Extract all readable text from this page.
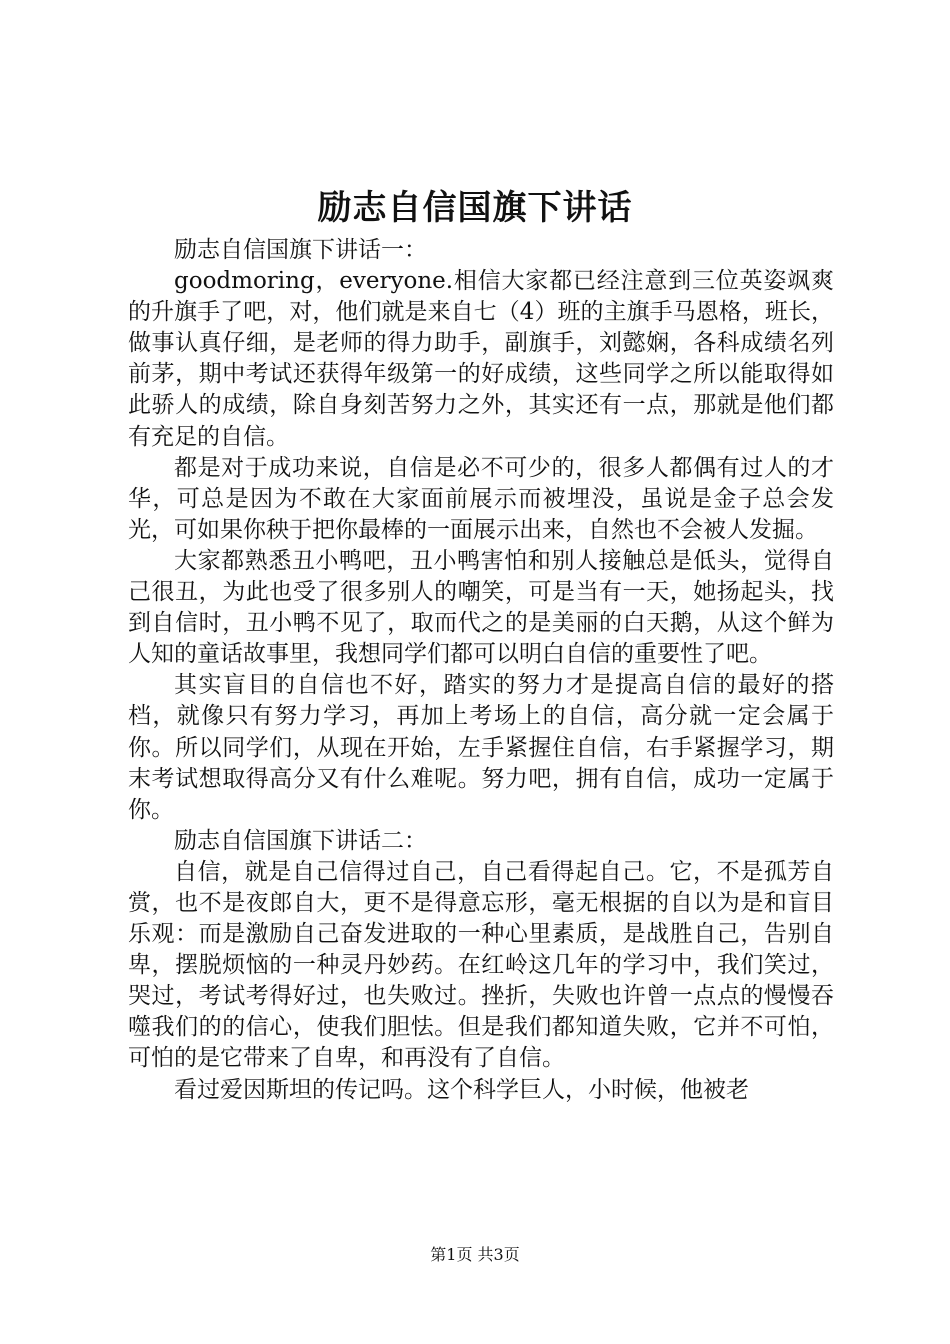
励志自信国旗下讲话

励志自信国旗下讲话一：

goodmoring，everyone.相信大家都已经注意到三位英姿飒爽的升旗手了吧，对，他们就是来自七（4）班的主旗手马恩格，班长，做事认真仔细，是老师的得力助手，副旗手，刘懿娴，各科成绩名列前茅，期中考试还获得年级第一的好成绩，这些同学之所以能取得如此骄人的成绩，除自身刻苦努力之外，其实还有一点，那就是他们都有充足的自信。

都是对于成功来说，自信是必不可少的，很多人都偶有过人的才华，可总是因为不敢在大家面前展示而被埋没，虽说是金子总会发光，可如果你秧于把你最棒的一面展示出来，自然也不会被人发掘。

大家都熟悉丑小鸭吧，丑小鸭害怕和别人接触总是低头，觉得自己很丑，为此也受了很多别人的嘲笑，可是当有一天，她扬起头，找到自信时，丑小鸭不见了，取而代之的是美丽的白天鹅，从这个鲜为人知的童话故事里，我想同学们都可以明白自信的重要性了吧。

其实盲目的自信也不好，踏实的努力才是提高自信的最好的搭档，就像只有努力学习，再加上考场上的自信，高分就一定会属于你。所以同学们，从现在开始，左手紧握住自信，右手紧握学习，期末考试想取得高分又有什么难呢。努力吧，拥有自信，成功一定属于你。

励志自信国旗下讲话二：

自信，就是自己信得过自己，自己看得起自己。它，不是孤芳自赏，也不是夜郎自大，更不是得意忘形，毫无根据的自以为是和盲目乐观：而是激励自己奋发进取的一种心里素质，是战胜自己，告别自卑，摆脱烦恼的一种灵丹妙药。在红岭这几年的学习中，我们笑过，哭过，考试考得好过，也失败过。挫折，失败也许曾一点点的慢慢吞噬我们的的信心，使我们胆怯。但是我们都知道失败，它并不可怕，可怕的是它带来了自卑，和再没有了自信。

看过爱因斯坦的传记吗。这个科学巨人，小时候，他被老

第1页 共3页
